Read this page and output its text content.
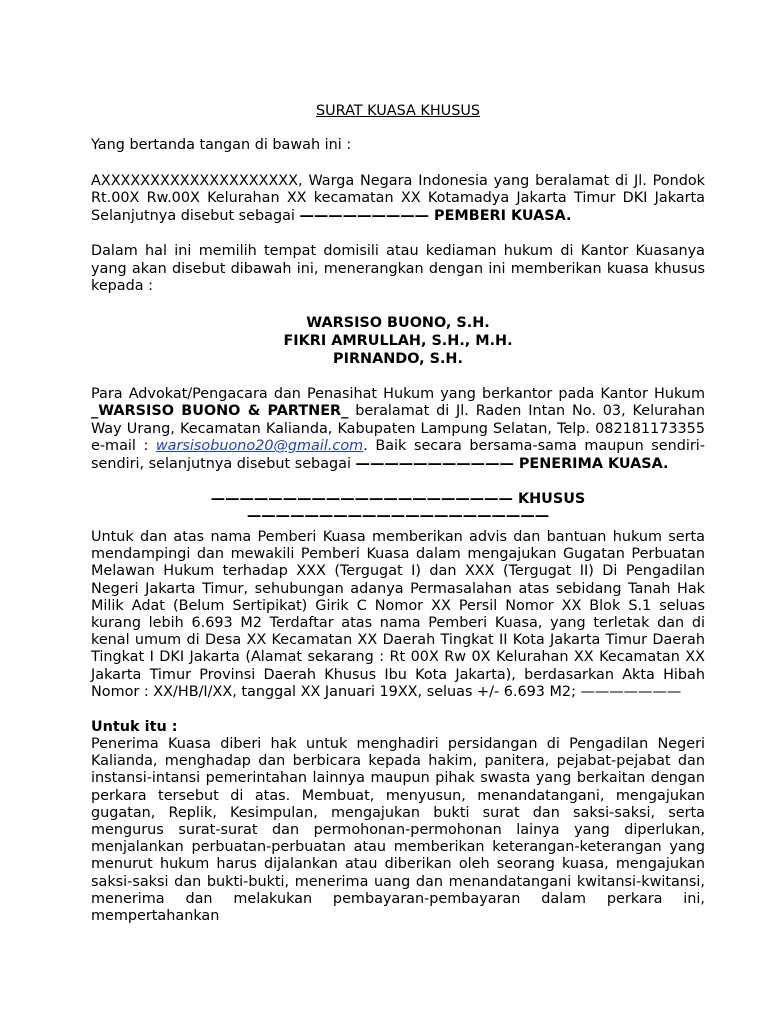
SURAT KUASA KHUSUS

Yang bertanda tangan di bawah ini :

AXXXXXXXXXXXXXXXXXXXX, Warga Negara Indonesia yang beralamat di Jl. Pondok Rt.00X Rw.00X Kelurahan XX kecamatan XX Kotamadya Jakarta Timur DKI Jakarta Selanjutnya disebut sebagai ————————— PEMBERI KUASA.

Dalam hal ini memilih tempat domisili atau kediaman hukum di Kantor Kuasanya yang akan disebut dibawah ini, menerangkan dengan ini memberikan kuasa khusus kepada :

WARSISO BUONO, S.H.
FIKRI AMRULLAH, S.H., M.H.
PIRNANDO, S.H.

Para Advokat/Pengacara dan Penasihat Hukum yang berkantor pada Kantor Hukum _WARSISO BUONO & PARTNER_ beralamat di Jl. Raden Intan No. 03, Kelurahan Way Urang, Kecamatan Kalianda, Kabupaten Lampung Selatan, Telp. 082181173355 e-mail : warsisobuono20@gmail.com. Baik secara bersama-sama maupun sendiri-sendiri, selanjutnya disebut sebagai ——————————— PENERIMA KUASA.

————————————————————— KHUSUS —————————————————————

Untuk dan atas nama Pemberi Kuasa memberikan advis dan bantuan hukum serta mendampingi dan mewakili Pemberi Kuasa dalam mengajukan Gugatan Perbuatan Melawan Hukum terhadap XXX (Tergugat I) dan XXX (Tergugat II) Di Pengadilan Negeri Jakarta Timur, sehubungan adanya Permasalahan atas sebidang Tanah Hak Milik Adat (Belum Sertipikat) Girik C Nomor XX Persil Nomor XX Blok S.1 seluas kurang lebih 6.693 M2 Terdaftar atas nama Pemberi Kuasa, yang terletak dan di kenal umum di Desa XX Kecamatan XX Daerah Tingkat II Kota Jakarta Timur Daerah Tingkat I DKI Jakarta (Alamat sekarang : Rt 00X Rw 0X Kelurahan XX Kecamatan XX Jakarta Timur Provinsi Daerah Khusus Ibu Kota Jakarta), berdasarkan Akta Hibah Nomor : XX/HB/I/XX, tanggal XX Januari 19XX, seluas +/- 6.693 M2; ———————

Untuk itu :

Penerima Kuasa diberi hak untuk menghadiri persidangan di Pengadilan Negeri Kalianda, menghadap dan berbicara kepada hakim, panitera, pejabat-pejabat dan instansi-intansi pemerintahan lainnya maupun pihak swasta yang berkaitan dengan perkara tersebut di atas. Membuat, menyusun, menandatangani, mengajukan gugatan, Replik, Kesimpulan, mengajukan bukti surat dan saksi-saksi, serta mengurus surat-surat dan permohonan-permohonan lainya yang diperlukan, menjalankan perbuatan-perbuatan atau memberikan keterangan-keterangan yang menurut hukum harus dijalankan atau diberikan oleh seorang kuasa, mengajukan saksi-saksi dan bukti-bukti, menerima uang dan menandatangani kwitansi-kwitansi, menerima dan melakukan pembayaran-pembayaran dalam perkara ini, mempertahankan
